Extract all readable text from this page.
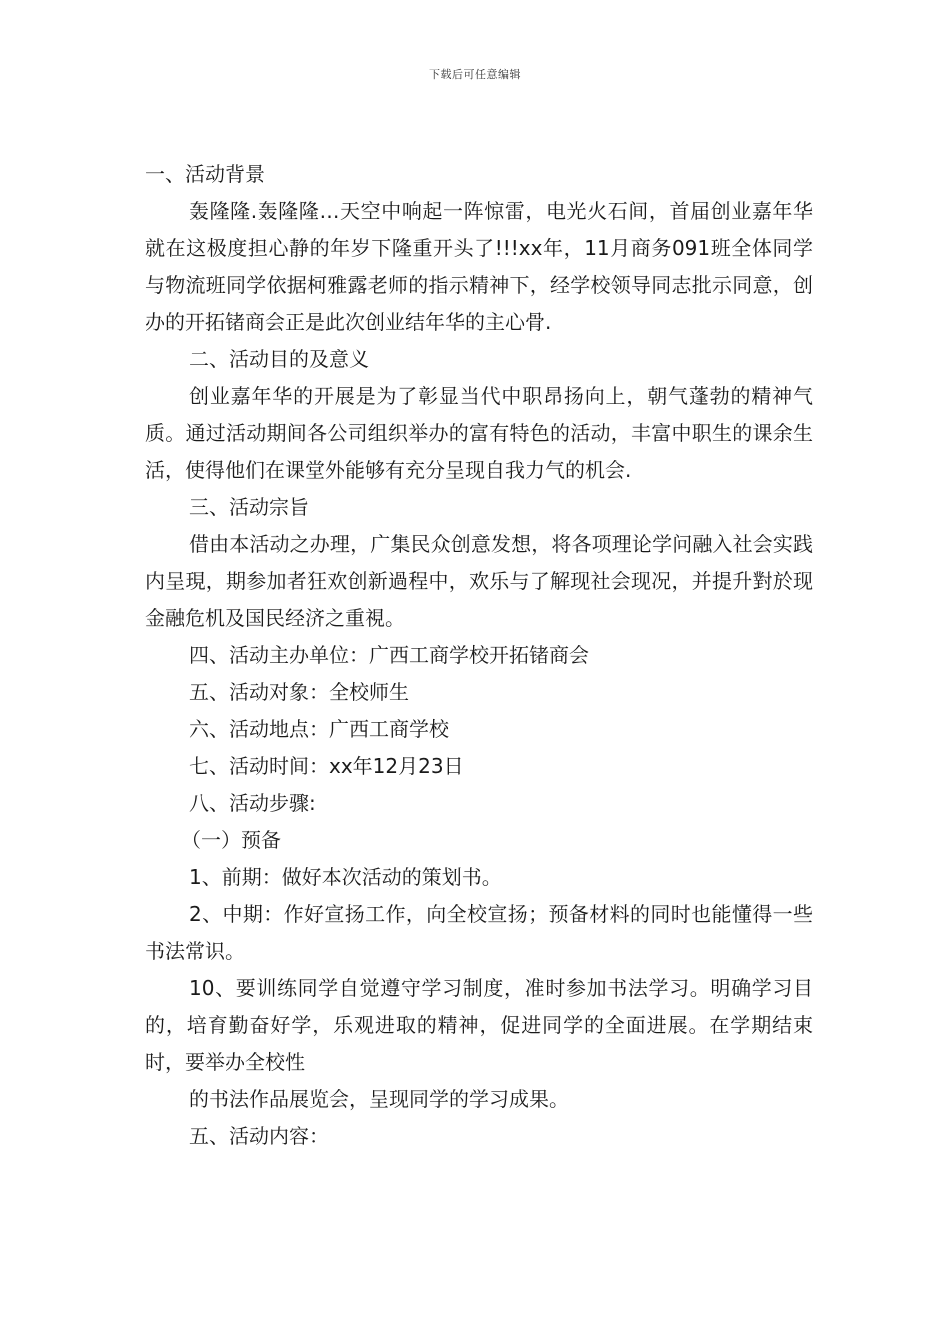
下载后可任意编辑

一、活动背景

轰隆隆.轰隆隆…天空中响起一阵惊雷，电光火石间，首届创业嘉年华就在这极度担心静的年岁下隆重开头了!!!xx年，11月商务091班全体同学与物流班同学依据柯雅露老师的指示精神下，经学校领导同志批示同意，创办的开拓锗商会正是此次创业结年华的主心骨.

二、活动目的及意义

创业嘉年华的开展是为了彰显当代中职昂扬向上，朝气蓬勃的精神气质。通过活动期间各公司组织举办的富有特色的活动，丰富中职生的课余生活，使得他们在课堂外能够有充分呈现自我力气的机会.

三、活动宗旨

借由本活动之办理，广集民众创意发想，将各项理论学问融入社会实践内呈現，期参加者狂欢创新過程中，欢乐与了解现社会现况，并提升對於现金融危机及国民经济之重視。

四、活动主办单位：广西工商学校开拓锗商会

五、活动对象：全校师生

六、活动地点：广西工商学校

七、活动时间：xx年12月23日

八、活动步骤:

（一）预备

1、前期：做好本次活动的策划书。

2、中期：作好宣扬工作，向全校宣扬；预备材料的同时也能懂得一些书法常识。

10、要训练同学自觉遵守学习制度，准时参加书法学习。明确学习目的，培育勤奋好学，乐观进取的精神，促进同学的全面进展。在学期结束时，要举办全校性

的书法作品展览会，呈现同学的学习成果。

五、活动内容：
